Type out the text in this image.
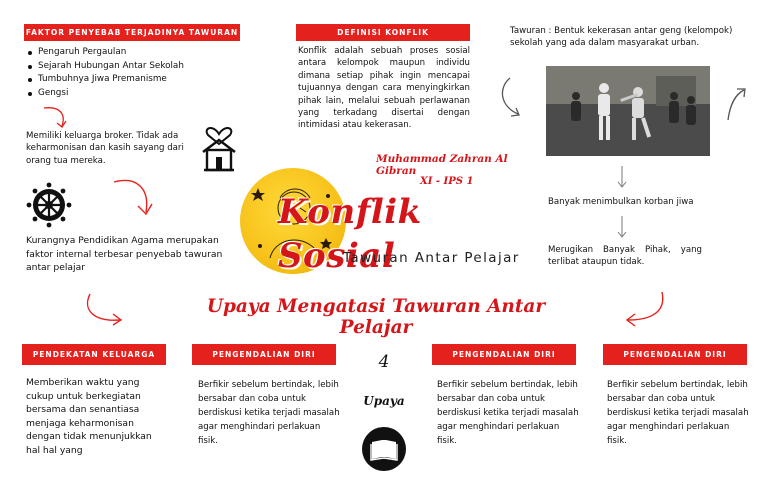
FAKTOR PENYEBAB TERJADINYA TAWURAN
Pengaruh Pergaulan
Sejarah Hubungan Antar Sekolah
Tumbuhnya Jiwa Premanisme
Gengsi
Memiliki keluarga broker. Tidak ada keharmonisan dan kasih sayang dari orang tua mereka.
Kurangnya Pendidikan Agama merupakan faktor internal terbesar penyebab tawuran antar pelajar
DEFINISI KONFLIK
Konflik adalah sebuah proses sosial antara kelompok maupun individu dimana setiap pihak ingin mencapai tujuannya dengan cara menyingkirkan pihak lain, melalui sebuah perlawanan yang terkadang disertai dengan intimidasi atau kekerasan.
Tawuran : Bentuk kekerasan antar geng (kelompok) sekolah yang ada dalam masyarakat urban.
Banyak menimbulkan korban jiwa
Merugikan Banyak Pihak, yang terlibat ataupun tidak.
Muhammad Zahran Al Gibran
XI - IPS 1
Konflik Sosial
Tawuran Antar Pelajar
Upaya Mengatasi Tawuran Antar Pelajar
PENDEKATAN KELUARGA
Memberikan waktu yang cukup untuk berkegiatan bersama dan senantiasa menjaga keharmonisan dengan tidak menunjukkan hal hal yang
PENGENDALIAN DIRI
Berfikir sebelum bertindak, lebih bersabar dan coba untuk berdiskusi ketika terjadi masalah agar menghindari perlakuan fisik.
PENGENDALIAN DIRI
Berfikir sebelum bertindak, lebih bersabar dan coba untuk berdiskusi ketika terjadi masalah agar menghindari perlakuan fisik.
PENGENDALIAN DIRI
Berfikir sebelum bertindak, lebih bersabar dan coba untuk berdiskusi ketika terjadi masalah agar menghindari perlakuan fisik.
4
Upaya
